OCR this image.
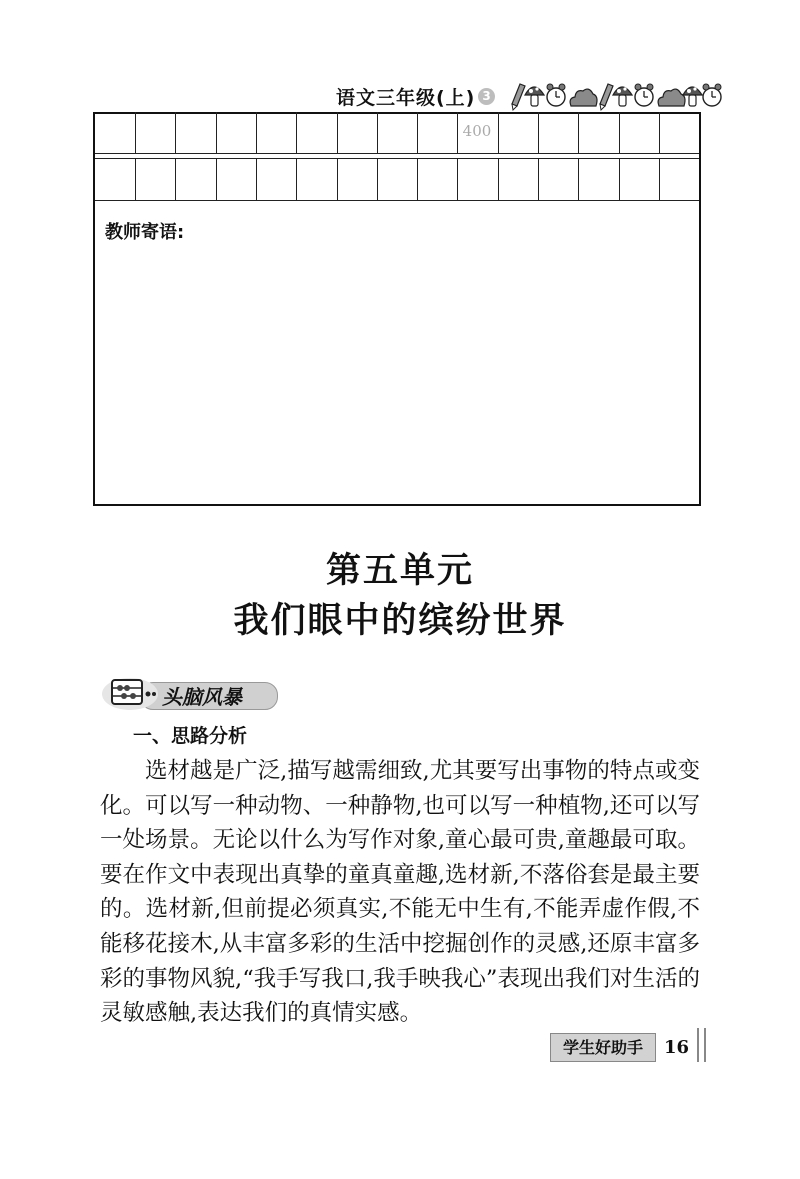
语文三年级(上) 3
400
教师寄语:
第五单元
我们眼中的缤纷世界
头脑风暴
一、思路分析

选材越是广泛,描写越需细致,尤其要写出事物的特点或变化。可以写一种动物、一种静物,也可以写一种植物,还可以写一处场景。无论以什么为写作对象,童心最可贵,童趣最可取。要在作文中表现出真挚的童真童趣,选材新,不落俗套是最主要的。选材新,但前提必须真实,不能无中生有,不能弄虚作假,不能移花接木,从丰富多彩的生活中挖掘创作的灵感,还原丰富多彩的事物风貌,“我手写我口,我手映我心”表现出我们对生活的灵敏感触,表达我们的真情实感。

学生好助手	16
